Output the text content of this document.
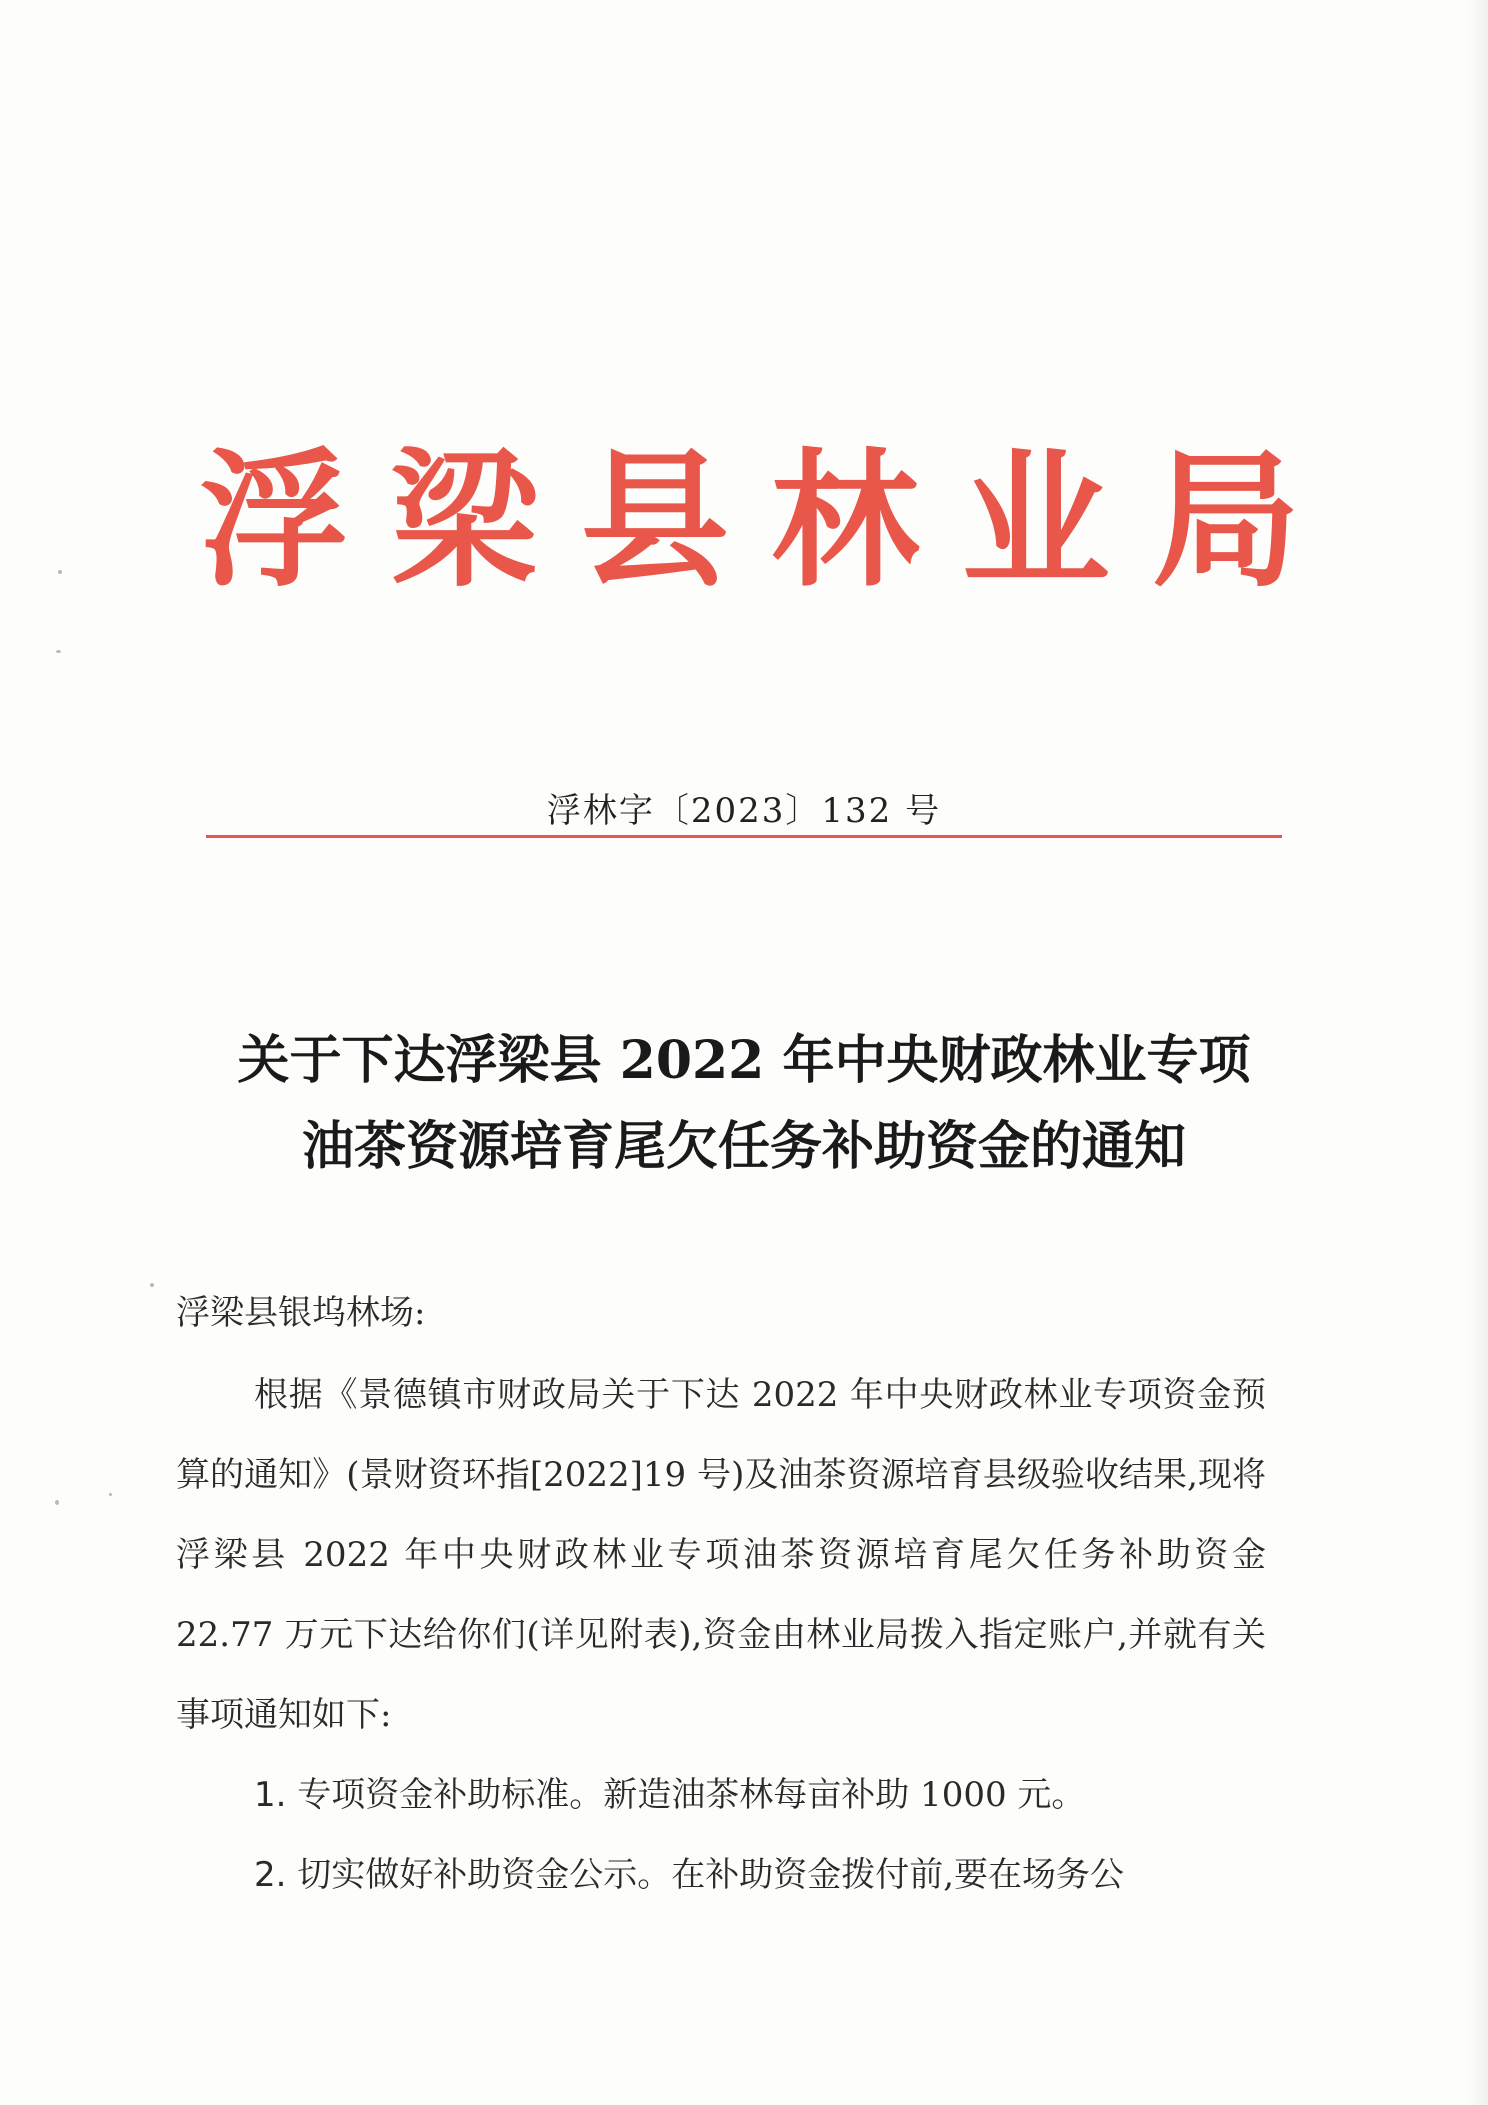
浮 梁 县 林 业 局
浮林字〔2023〕132 号
关于下达浮梁县 2022 年中央财政林业专项
油茶资源培育尾欠任务补助资金的通知
浮梁县银坞林场:

根据《景德镇市财政局关于下达 2022 年中央财政林业专项资金预算的通知》(景财资环指[2022]19 号)及油茶资源培育县级验收结果,现将浮梁县 2022 年中央财政林业专项油茶资源培育尾欠任务补助资金 22.77 万元下达给你们(详见附表),资金由林业局拨入指定账户,并就有关事项通知如下:

1. 专项资金补助标准。新造油茶林每亩补助 1000 元。

2. 切实做好补助资金公示。在补助资金拨付前,要在场务公
